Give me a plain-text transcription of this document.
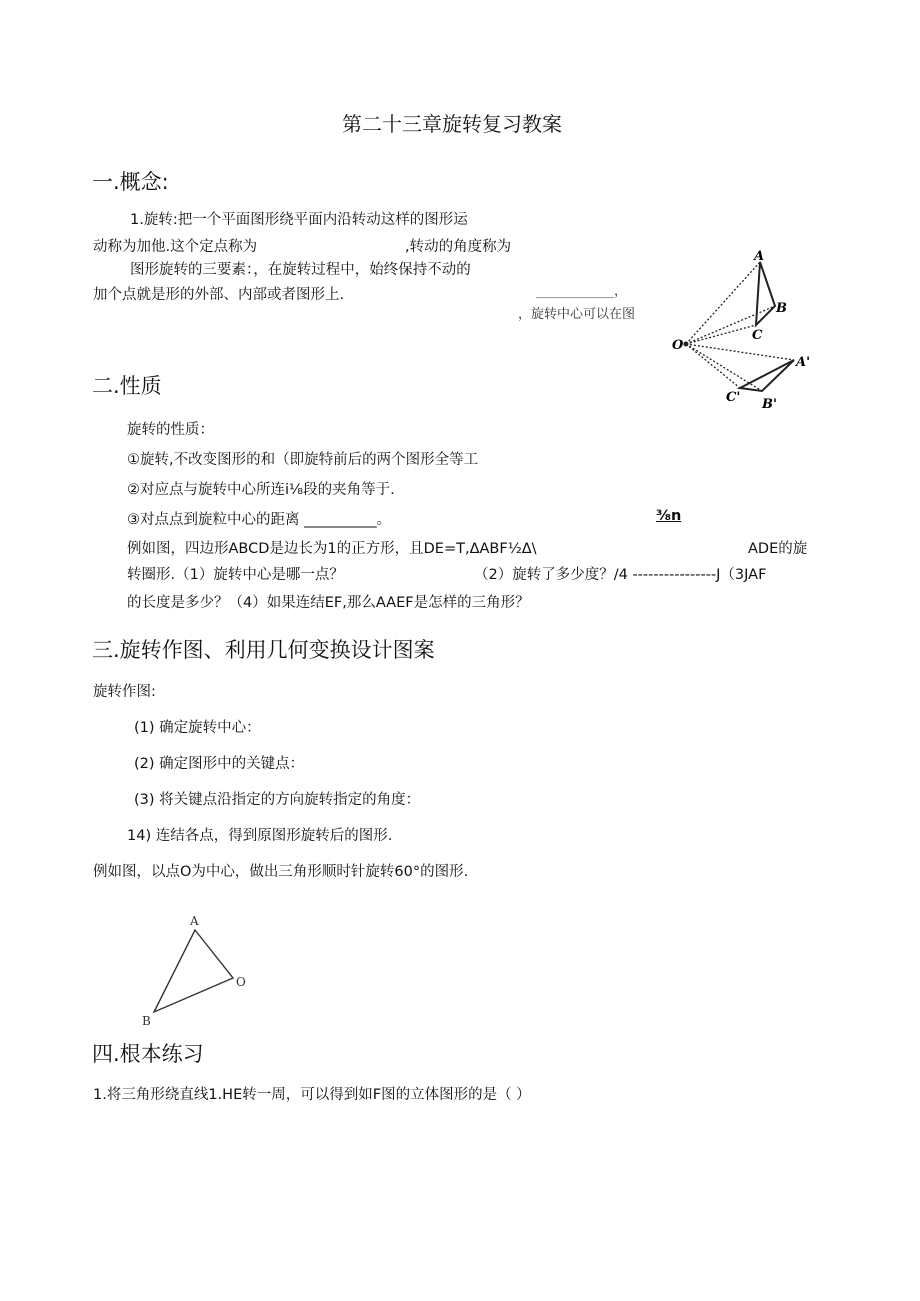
第二十三章旋转复习教案
一.概念:
1.旋转:把一个平面图形绕平面内沿转动这样的图形运
动称为加他.这个定点称为	,转动的角度称为
图形旋转的三要素：，在旋转过程中，始终保持不动的
加个点就是形的外部、内部或者图形上.	____________，
，旋转中心可以在图
A
B
C
O
A'
B'
C'
二.性质
旋转的性质：
①旋转,不改变图形的和（即旋特前后的两个图形全等工
②对应点与旋转中心所连i⅛段的夹角等于.
③对点点到旋粒中心的距离 __________。	⅜n
例如图，四边形ABCD是边长为1的正方形，且DE=T,ΔABF½Δ\	ADE的旋
转圈形.（1）旋转中心是哪一点？	（2）旋转了多少度？/4 ----------------J（3JAF
的长度是多少？（4）如果连结EF,那么AAEF是怎样的三角形？
三.旋转作图、利用几何变换设计图案
旋转作图:
(1) 确定旋转中心：
(2) 确定图形中的关键点：
(3) 将关键点沿指定的方向旋转指定的角度：
14) 连结各点，得到原图形旋转后的图形.
例如图，以点O为中心，做出三角形顺时针旋转60°的图形.
A
O
B
四.根本练习
1.将三角形绕直线1.HE转一周，可以得到如F图的立体图形的是（ ）
